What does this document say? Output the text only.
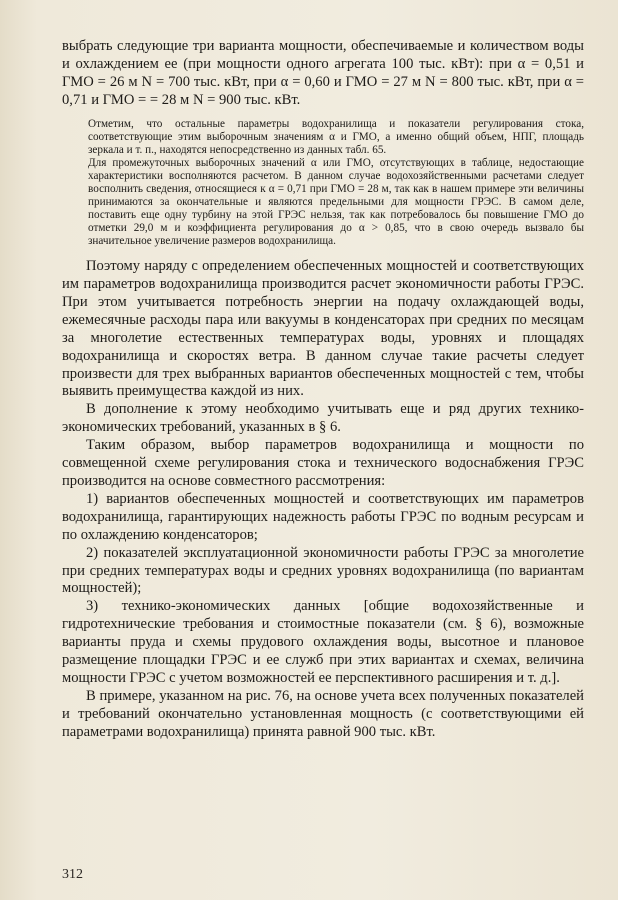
выбрать следующие три варианта мощности, обеспечиваемые и количеством воды и охлаждением ее (при мощности одного агрегата 100 тыс. кВт): при α = 0,51 и ГМО = 26 м N = 700 тыс. кВт, при α = 0,60 и ГМО = 27 м N = 800 тыс. кВт, при α = 0,71 и ГМО = = 28 м N = 900 тыс. кВт.

Отметим, что остальные параметры водохранилища и показатели регулирования стока, соответствующие этим выборочным значениям α и ГМО, а именно общий объем, НПГ, площадь зеркала и т. п., находятся непосредственно из данных табл. 65.

Для промежуточных выборочных значений α или ГМО, отсутствующих в таблице, недостающие характеристики восполняются расчетом. В данном случае водохозяйственными расчетами следует восполнить сведения, относящиеся к α = 0,71 при ГМО = 28 м, так как в нашем примере эти величины принимаются за окончательные и являются предельными для мощности ГРЭС. В самом деле, поставить еще одну турбину на этой ГРЭС нельзя, так как потребовалось бы повышение ГМО до отметки 29,0 м и коэффициента регулирования до α > 0,85, что в свою очередь вызвало бы значительное увеличение размеров водохранилища.

Поэтому наряду с определением обеспеченных мощностей и соответствующих им параметров водохранилища производится расчет экономичности работы ГРЭС. При этом учитывается потребность энергии на подачу охлаждающей воды, ежемесячные расходы пара или вакуумы в конденсаторах при средних по месяцам за многолетие естественных температурах воды, уровнях и площадях водохранилища и скоростях ветра. В данном случае такие расчеты следует произвести для трех выбранных вариантов обеспеченных мощностей с тем, чтобы выявить преимущества каждой из них.

В дополнение к этому необходимо учитывать еще и ряд других технико-экономических требований, указанных в § 6.

Таким образом, выбор параметров водохранилища и мощности по совмещенной схеме регулирования стока и технического водоснабжения ГРЭС производится на основе совместного рассмотрения:

1) вариантов обеспеченных мощностей и соответствующих им параметров водохранилища, гарантирующих надежность работы ГРЭС по водным ресурсам и по охлаждению конденсаторов;

2) показателей эксплуатационной экономичности работы ГРЭС за многолетие при средних температурах воды и средних уровнях водохранилища (по вариантам мощностей);

3) технико-экономических данных [общие водохозяйственные и гидротехнические требования и стоимостные показатели (см. § 6), возможные варианты пруда и схемы прудового охлаждения воды, высотное и плановое размещение площадки ГРЭС и ее служб при этих вариантах и схемах, величина мощности ГРЭС с учетом возможностей ее перспективного расширения и т. д.].

В примере, указанном на рис. 76, на основе учета всех полученных показателей и требований окончательно установленная мощность (с соответствующими ей параметрами водохранилища) принята равной 900 тыс. кВт.

312
